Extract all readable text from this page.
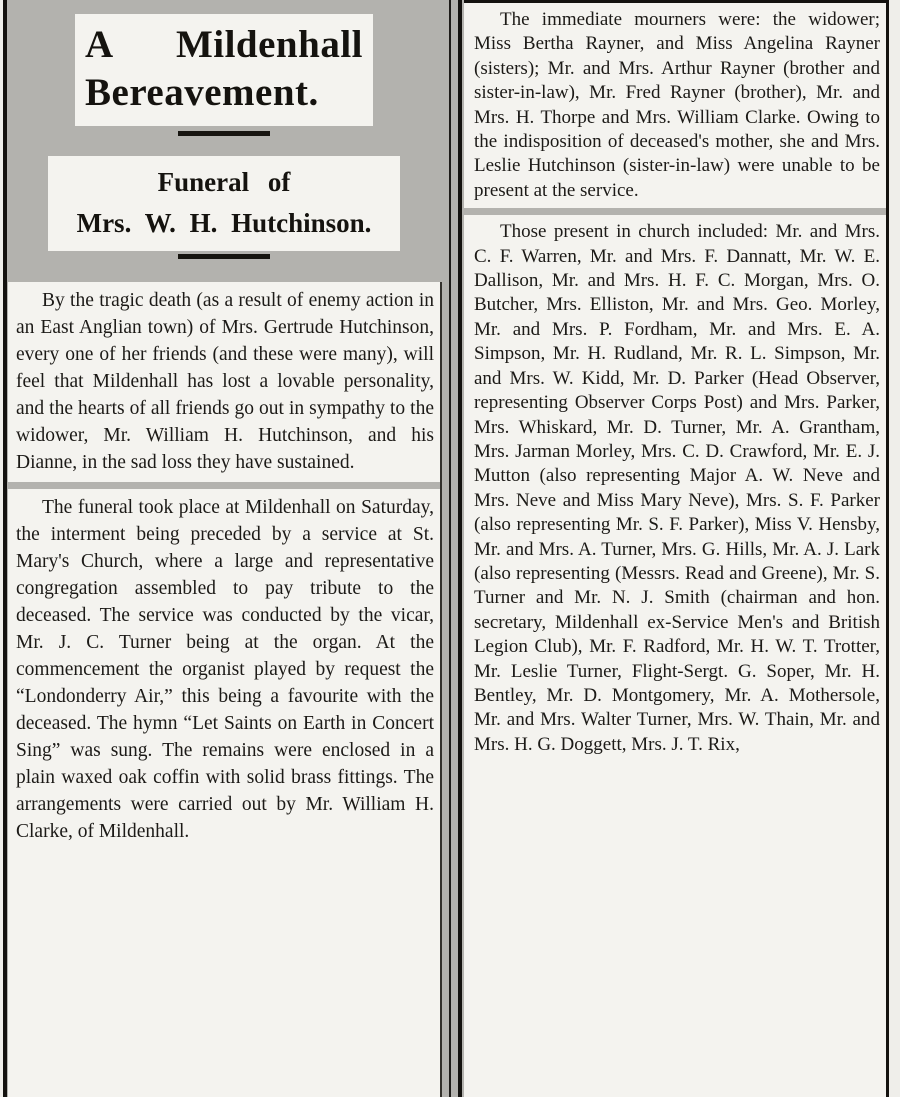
A Mildenhall
Bereavement.
Funeral of
Mrs. W. H. Hutchinson.
By the tragic death (as a result of enemy action in an East Anglian town) of Mrs. Gertrude Hutchinson, every one of her friends (and these were many), will feel that Mildenhall has lost a lovable personality, and the hearts of all friends go out in sympathy to the widower, Mr. William H. Hutchinson, and his Dianne, in the sad loss they have sustained.
The funeral took place at Mildenhall on Saturday, the interment being preceded by a service at St. Mary's Church, where a large and representative congregation assembled to pay tribute to the deceased. The service was conducted by the vicar, Mr. J. C. Turner being at the organ. At the commencement the organist played by request the “Londonderry Air,” this being a favourite with the deceased. The hymn “Let Saints on Earth in Concert Sing” was sung. The remains were enclosed in a plain waxed oak coffin with solid brass fittings. The arrangements were carried out by Mr. William H. Clarke, of Mildenhall.
The immediate mourners were: the widower; Miss Bertha Rayner, and Miss Angelina Rayner (sisters); Mr. and Mrs. Arthur Rayner (brother and sister-in-law), Mr. Fred Rayner (brother), Mr. and Mrs. H. Thorpe and Mrs. William Clarke. Owing to the indisposition of deceased's mother, she and Mrs. Leslie Hutchinson (sister-in-law) were unable to be present at the service.
Those present in church included: Mr. and Mrs. C. F. Warren, Mr. and Mrs. F. Dannatt, Mr. W. E. Dallison, Mr. and Mrs. H. F. C. Morgan, Mrs. O. Butcher, Mrs. Elliston, Mr. and Mrs. Geo. Morley, Mr. and Mrs. P. Fordham, Mr. and Mrs. E. A. Simpson, Mr. H. Rudland, Mr. R. L. Simpson, Mr. and Mrs. W. Kidd, Mr. D. Parker (Head Observer, representing Observer Corps Post) and Mrs. Parker, Mrs. Whiskard, Mr. D. Turner, Mr. A. Grantham, Mrs. Jarman Morley, Mrs. C. D. Crawford, Mr. E. J. Mutton (also representing Major A. W. Neve and Mrs. Neve and Miss Mary Neve), Mrs. S. F. Parker (also representing Mr. S. F. Parker), Miss V. Hensby, Mr. and Mrs. A. Turner, Mrs. G. Hills, Mr. A. J. Lark (also representing (Messrs. Read and Greene), Mr. S. Turner and Mr. N. J. Smith (chairman and hon. secretary, Mildenhall ex-Service Men's and British Legion Club), Mr. F. Radford, Mr. H. W. T. Trotter, Mr. Leslie Turner, Flight-Sergt. G. Soper, Mr. H. Bentley, Mr. D. Montgomery, Mr. A. Mothersole, Mr. and Mrs. Walter Turner, Mrs. W. Thain, Mr. and Mrs. H. G. Doggett, Mrs. J. T. Rix,
